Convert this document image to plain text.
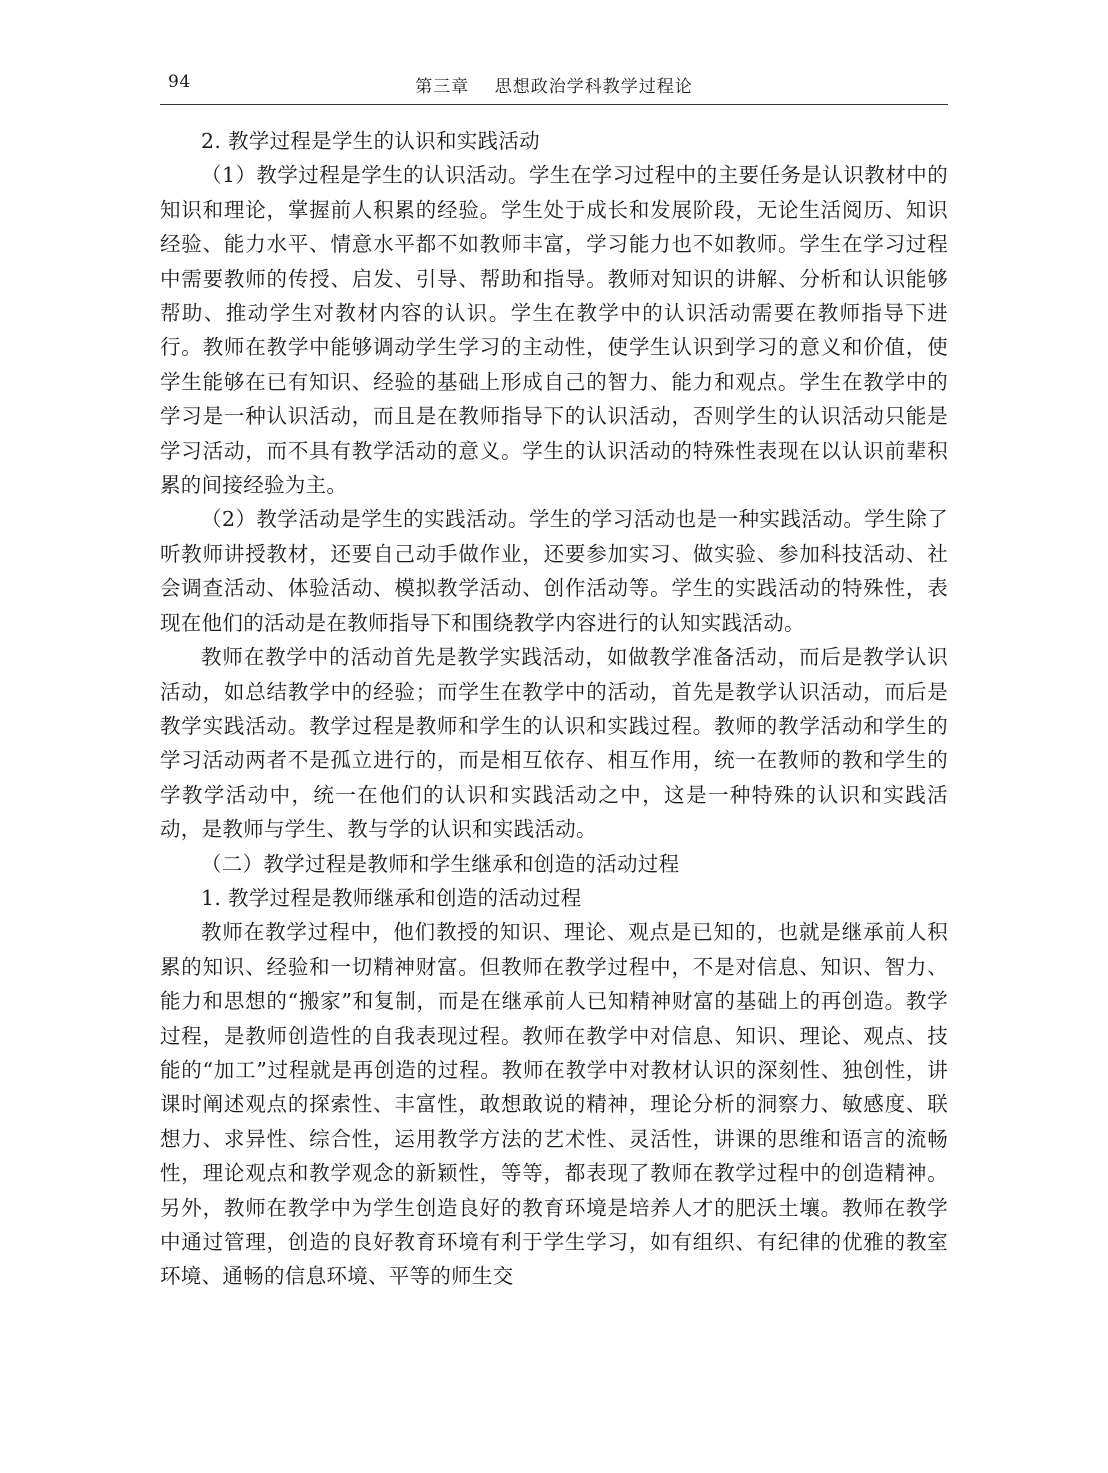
94	第三章    思想政治学科教学过程论

2. 教学过程是学生的认识和实践活动

（1）教学过程是学生的认识活动。学生在学习过程中的主要任务是认识教材中的知识和理论，掌握前人积累的经验。学生处于成长和发展阶段，无论生活阅历、知识经验、能力水平、情意水平都不如教师丰富，学习能力也不如教师。学生在学习过程中需要教师的传授、启发、引导、帮助和指导。教师对知识的讲解、分析和认识能够帮助、推动学生对教材内容的认识。学生在教学中的认识活动需要在教师指导下进行。教师在教学中能够调动学生学习的主动性，使学生认识到学习的意义和价值，使学生能够在已有知识、经验的基础上形成自己的智力、能力和观点。学生在教学中的学习是一种认识活动，而且是在教师指导下的认识活动，否则学生的认识活动只能是学习活动，而不具有教学活动的意义。学生的认识活动的特殊性表现在以认识前辈积累的间接经验为主。

（2）教学活动是学生的实践活动。学生的学习活动也是一种实践活动。学生除了听教师讲授教材，还要自己动手做作业，还要参加实习、做实验、参加科技活动、社会调查活动、体验活动、模拟教学活动、创作活动等。学生的实践活动的特殊性，表现在他们的活动是在教师指导下和围绕教学内容进行的认知实践活动。

教师在教学中的活动首先是教学实践活动，如做教学准备活动，而后是教学认识活动，如总结教学中的经验；而学生在教学中的活动，首先是教学认识活动，而后是教学实践活动。教学过程是教师和学生的认识和实践过程。教师的教学活动和学生的学习活动两者不是孤立进行的，而是相互依存、相互作用，统一在教师的教和学生的学教学活动中，统一在他们的认识和实践活动之中，这是一种特殊的认识和实践活动，是教师与学生、教与学的认识和实践活动。

（二）教学过程是教师和学生继承和创造的活动过程

1. 教学过程是教师继承和创造的活动过程

教师在教学过程中，他们教授的知识、理论、观点是已知的，也就是继承前人积累的知识、经验和一切精神财富。但教师在教学过程中，不是对信息、知识、智力、能力和思想的“搬家”和复制，而是在继承前人已知精神财富的基础上的再创造。教学过程，是教师创造性的自我表现过程。教师在教学中对信息、知识、理论、观点、技能的“加工”过程就是再创造的过程。教师在教学中对教材认识的深刻性、独创性，讲课时阐述观点的探索性、丰富性，敢想敢说的精神，理论分析的洞察力、敏感度、联想力、求异性、综合性，运用教学方法的艺术性、灵活性，讲课的思维和语言的流畅性，理论观点和教学观念的新颖性，等等，都表现了教师在教学过程中的创造精神。另外，教师在教学中为学生创造良好的教育环境是培养人才的肥沃土壤。教师在教学中通过管理，创造的良好教育环境有利于学生学习，如有组织、有纪律的优雅的教室环境、通畅的信息环境、平等的师生交
